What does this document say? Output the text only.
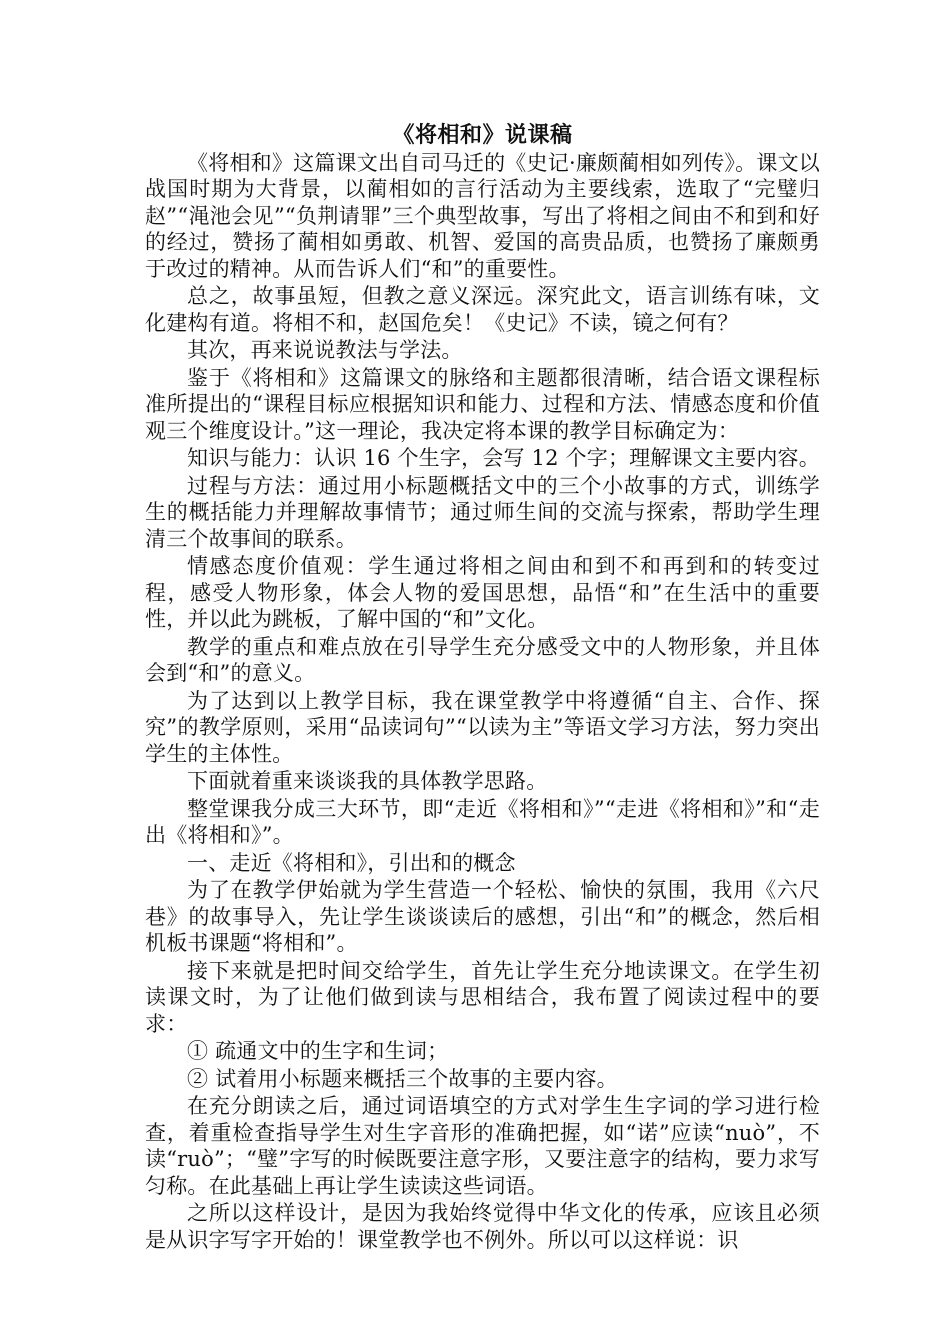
《将相和》说课稿

《将相和》这篇课文出自司马迁的《史记·廉颇蔺相如列传》。课文以战国时期为大背景，以蔺相如的言行活动为主要线索，选取了“完璧归赵”“渑池会见”“负荆请罪”三个典型故事，写出了将相之间由不和到和好的经过，赞扬了蔺相如勇敢、机智、爱国的高贵品质，也赞扬了廉颇勇于改过的精神。从而告诉人们“和”的重要性。

总之，故事虽短，但教之意义深远。深究此文，语言训练有味，文化建构有道。将相不和，赵国危矣！《史记》不读，镜之何有？

其次，再来说说教法与学法。

鉴于《将相和》这篇课文的脉络和主题都很清晰，结合语文课程标准所提出的“课程目标应根据知识和能力、过程和方法、情感态度和价值观三个维度设计。”这一理论，我决定将本课的教学目标确定为：

知识与能力：认识 16 个生字，会写 12 个字；理解课文主要内容。

过程与方法：通过用小标题概括文中的三个小故事的方式，训练学生的概括能力并理解故事情节；通过师生间的交流与探索，帮助学生理清三个故事间的联系。

情感态度价值观：学生通过将相之间由和到不和再到和的转变过程，感受人物形象，体会人物的爱国思想，品悟“和”在生活中的重要性，并以此为跳板，了解中国的“和”文化。

教学的重点和难点放在引导学生充分感受文中的人物形象，并且体会到“和”的意义。

为了达到以上教学目标，我在课堂教学中将遵循“自主、合作、探究”的教学原则，采用“品读词句”“以读为主”等语文学习方法，努力突出学生的主体性。

下面就着重来谈谈我的具体教学思路。

整堂课我分成三大环节，即“走近《将相和》”“走进《将相和》”和“走出《将相和》”。

一、走近《将相和》，引出和的概念

为了在教学伊始就为学生营造一个轻松、愉快的氛围，我用《六尺巷》的故事导入，先让学生谈谈读后的感想，引出“和”的概念，然后相机板书课题“将相和”。

接下来就是把时间交给学生，首先让学生充分地读课文。在学生初读课文时，为了让他们做到读与思相结合，我布置了阅读过程中的要求：

① 疏通文中的生字和生词；

② 试着用小标题来概括三个故事的主要内容。

在充分朗读之后，通过词语填空的方式对学生生字词的学习进行检查，着重检查指导学生对生字音形的准确把握，如“诺”应读“nuò”，不读“ruò”；“璧”字写的时候既要注意字形，又要注意字的结构，要力求写匀称。在此基础上再让学生读读这些词语。

之所以这样设计，是因为我始终觉得中华文化的传承，应该且必须是从识字写字开始的！课堂教学也不例外。所以可以这样说：识
